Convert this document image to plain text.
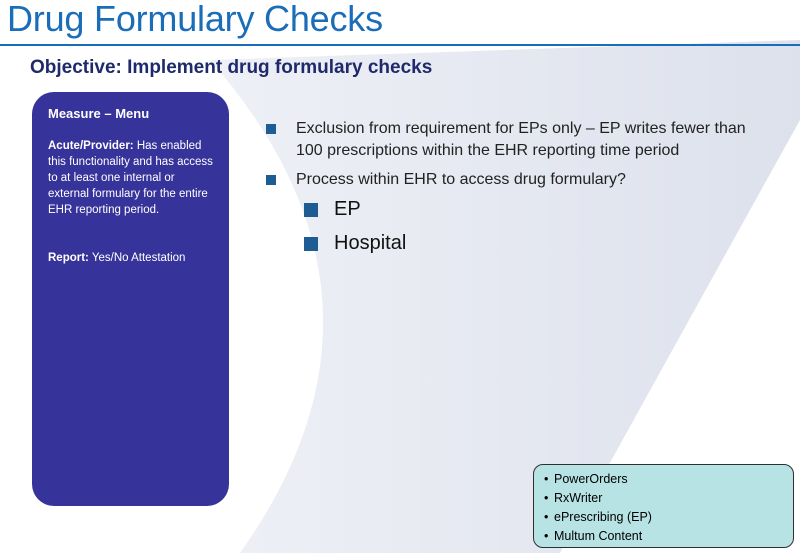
Drug Formulary Checks
Objective: Implement drug formulary checks
Measure – Menu
Acute/Provider: Has enabled this functionality and has access to at least one internal or external formulary for the entire EHR reporting period.
Report: Yes/No Attestation
Exclusion from requirement for EPs only – EP writes fewer than 100 prescriptions within the EHR reporting time period
Process within EHR to access drug formulary?
EP
Hospital
• PowerOrders
• RxWriter
• ePrescribing (EP)
• Multum Content
